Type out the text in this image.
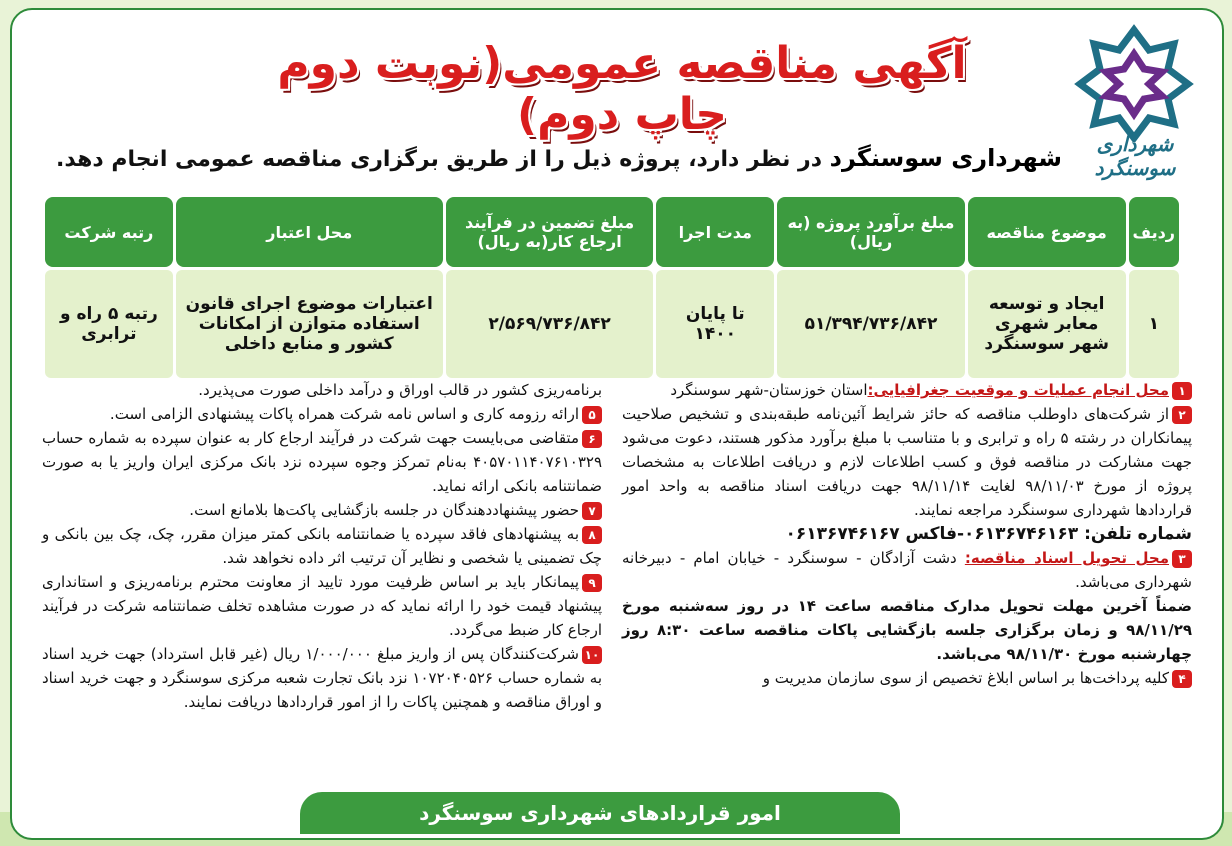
شهرداری سوسنگرد
آگهی مناقصه عمومی(نوبت دوم چاپ دوم)
شهرداری سوسنگرد در نظر دارد، پروژه ذیل را از طریق برگزاری مناقصه عمومی انجام دهد.
ردیف	موضوع مناقصه	مبلغ برآورد پروژه (به ریال)	مدت اجرا	مبلغ تضمین در فرآیند ارجاع کار(به ریال)	محل اعتبار	رتبه شرکت
۱	ایجاد و توسعه معابر شهری شهر سوسنگرد	۵۱/۳۹۴/۷۳۶/۸۴۲	تا پایان ۱۴۰۰	۲/۵۶۹/۷۳۶/۸۴۲	اعتبارات موضوع اجرای قانون استفاده متوازن از امکانات کشور و منابع داخلی	رتبه ۵ راه و ترابری
۱محل انجام عملیات و موقعیت جغرافیایی:استان خوزستان-شهر سوسنگرد
۲از شرکت‌های داوطلب مناقصه که حائز شرایط آئین‌نامه طبقه‌بندی و تشخیص صلاحیت پیمانکاران در رشته ۵ راه و ترابری و با متناسب با مبلغ برآورد مذکور هستند، دعوت می‌شود جهت مشارکت در مناقصه فوق و کسب اطلاعات لازم و دریافت اطلاعات به مشخصات پروژه از مورخ ۹۸/۱۱/۰۳ لغایت ۹۸/۱۱/۱۴ جهت دریافت اسناد مناقصه به واحد امور قراردادها شهرداری سوسنگرد مراجعه نمایند.
شماره تلفن: ۰۶۱۳۶۷۴۶۱۶۳-فاکس ۰۶۱۳۶۷۴۶۱۶۷
۳محل تحویل اسناد مناقصه: دشت آزادگان - سوسنگرد - خیابان امام - دبیرخانه شهرداری می‌باشد.
ضمناً آخرین مهلت تحویل مدارک مناقصه ساعت ۱۴ در روز سه‌شنبه مورخ ۹۸/۱۱/۲۹ و زمان برگزاری جلسه بازگشایی پاکات مناقصه ساعت ۸:۳۰ روز چهارشنبه مورخ ۹۸/۱۱/۳۰ می‌باشد.
۴کلیه پرداخت‌ها بر اساس ابلاغ تخصیص از سوی سازمان مدیریت و
برنامه‌ریزی کشور در قالب اوراق و درآمد داخلی صورت می‌پذیرد.
۵ارائه رزومه کاری و اساس نامه شرکت همراه پاکات پیشنهادی الزامی است.
۶متقاضی می‌بایست جهت شرکت در فرآیند ارجاع کار به عنوان سپرده به شماره حساب ۴۰۵۷۰۱۱۴۰۷۶۱۰۳۲۹ به‌نام تمرکز وجوه سپرده نزد بانک مرکزی ایران واریز یا به صورت ضمانتنامه بانکی ارائه نماید.
۷حضور پیشنهاددهندگان در جلسه بازگشایی پاکت‌ها بلامانع است.
۸به پیشنهادهای فاقد سپرده یا ضمانتنامه بانکی کمتر میزان مقرر، چک، چک بین بانکی و چک تضمینی یا شخصی و نظایر آن ترتیب اثر داده نخواهد شد.
۹پیمانکار باید بر اساس ظرفیت مورد تایید از معاونت محترم برنامه‌ریزی و استانداری پیشنهاد قیمت خود را ارائه نماید که در صورت مشاهده تخلف ضمانتنامه شرکت در فرآیند ارجاع کار ضبط می‌گردد.
۱۰شرکت‌کنندگان پس از واریز مبلغ ۱/۰۰۰/۰۰۰ ریال (غیر قابل استرداد) جهت خرید اسناد به شماره حساب ۱۰۷۲۰۴۰۵۲۶ نزد بانک تجارت شعبه مرکزی سوسنگرد و جهت خرید اسناد و اوراق مناقصه و همچنین پاکات را از امور قراردادها دریافت نمایند.
امور قراردادهای شهرداری سوسنگرد
